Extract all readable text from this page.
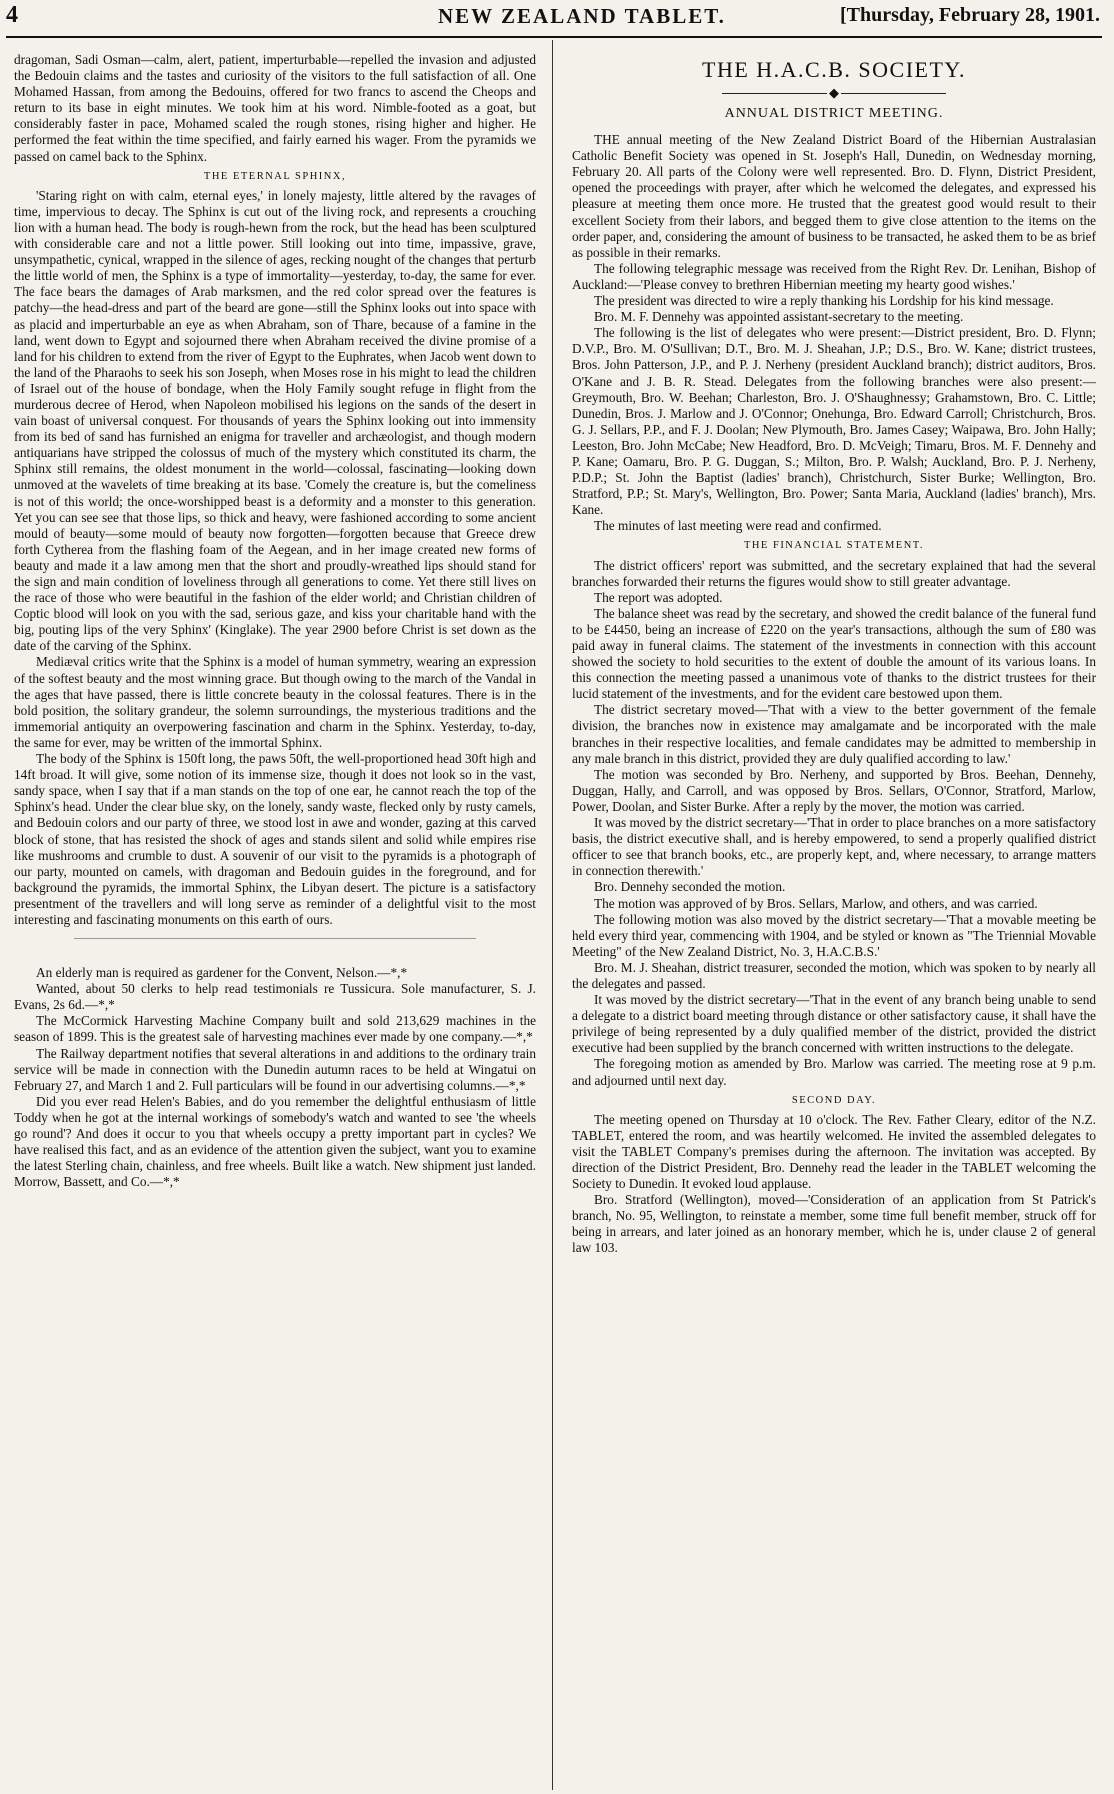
4	NEW ZEALAND TABLET.	[Thursday, February 28, 1901.

dragoman, Sadi Osman—calm, alert, patient, imperturbable—repelled the invasion and adjusted the Bedouin claims and the tastes and curiosity of the visitors to the full satisfaction of all. One Mohamed Hassan, from among the Bedouins, offered for two francs to ascend the Cheops and return to its base in eight minutes. We took him at his word. Nimble-footed as a goat, but considerably faster in pace, Mohamed scaled the rough stones, rising higher and higher. He performed the feat within the time specified, and fairly earned his wager. From the pyramids we passed on camel back to the Sphinx.

THE ETERNAL SPHINX,

'Staring right on with calm, eternal eyes,' in lonely majesty, little altered by the ravages of time, impervious to decay. The Sphinx is cut out of the living rock, and represents a crouching lion with a human head. The body is rough-hewn from the rock, but the head has been sculptured with considerable care and not a little power. Still looking out into time, impassive, grave, unsympathetic, cynical, wrapped in the silence of ages, recking nought of the changes that perturb the little world of men, the Sphinx is a type of immortality—yesterday, to-day, the same for ever. The face bears the damages of Arab marksmen, and the red color spread over the features is patchy—the head-dress and part of the beard are gone—still the Sphinx looks out into space with as placid and imperturbable an eye as when Abraham, son of Thare, because of a famine in the land, went down to Egypt and sojourned there when Abraham received the divine promise of a land for his children to extend from the river of Egypt to the Euphrates, when Jacob went down to the land of the Pharaohs to seek his son Joseph, when Moses rose in his might to lead the children of Israel out of the house of bondage, when the Holy Family sought refuge in flight from the murderous decree of Herod, when Napoleon mobilised his legions on the sands of the desert in vain boast of universal conquest. For thousands of years the Sphinx looking out into immensity from its bed of sand has furnished an enigma for traveller and archæologist, and though modern antiquarians have stripped the colossus of much of the mystery which constituted its charm, the Sphinx still remains, the oldest monument in the world—colossal, fascinating—looking down unmoved at the wavelets of time breaking at its base. 'Comely the creature is, but the comeliness is not of this world; the once-worshipped beast is a deformity and a monster to this generation. Yet you can see see that those lips, so thick and heavy, were fashioned according to some ancient mould of beauty—some mould of beauty now forgotten—forgotten because that Greece drew forth Cytherea from the flashing foam of the Aegean, and in her image created new forms of beauty and made it a law among men that the short and proudly-wreathed lips should stand for the sign and main condition of loveliness through all generations to come. Yet there still lives on the race of those who were beautiful in the fashion of the elder world; and Christian children of Coptic blood will look on you with the sad, serious gaze, and kiss your charitable hand with the big, pouting lips of the very Sphinx' (Kinglake). The year 2900 before Christ is set down as the date of the carving of the Sphinx.

Mediæval critics write that the Sphinx is a model of human symmetry, wearing an expression of the softest beauty and the most winning grace. But though owing to the march of the Vandal in the ages that have passed, there is little concrete beauty in the colossal features. There is in the bold position, the solitary grandeur, the solemn surroundings, the mysterious traditions and the immemorial antiquity an overpowering fascination and charm in the Sphinx. Yesterday, to-day, the same for ever, may be written of the immortal Sphinx.

The body of the Sphinx is 150ft long, the paws 50ft, the well-proportioned head 30ft high and 14ft broad. It will give, some notion of its immense size, though it does not look so in the vast, sandy space, when I say that if a man stands on the top of one ear, he cannot reach the top of the Sphinx's head. Under the clear blue sky, on the lonely, sandy waste, flecked only by rusty camels, and Bedouin colors and our party of three, we stood lost in awe and wonder, gazing at this carved block of stone, that has resisted the shock of ages and stands silent and solid while empires rise like mushrooms and crumble to dust. A souvenir of our visit to the pyramids is a photograph of our party, mounted on camels, with dragoman and Bedouin guides in the foreground, and for background the pyramids, the immortal Sphinx, the Libyan desert. The picture is a satisfactory presentment of the travellers and will long serve as reminder of a delightful visit to the most interesting and fascinating monuments on this earth of ours.

An elderly man is required as gardener for the Convent, Nelson.—*,*

Wanted, about 50 clerks to help read testimonials re Tussicura. Sole manufacturer, S. J. Evans, 2s 6d.—*,*

The McCormick Harvesting Machine Company built and sold 213,629 machines in the season of 1899. This is the greatest sale of harvesting machines ever made by one company.—*,*

The Railway department notifies that several alterations in and additions to the ordinary train service will be made in connection with the Dunedin autumn races to be held at Wingatui on February 27, and March 1 and 2. Full particulars will be found in our advertising columns.—*,*

Did you ever read Helen's Babies, and do you remember the delightful enthusiasm of little Toddy when he got at the internal workings of somebody's watch and wanted to see 'the wheels go round'? And does it occur to you that wheels occupy a pretty important part in cycles? We have realised this fact, and as an evidence of the attention given the subject, want you to examine the latest Sterling chain, chainless, and free wheels. Built like a watch. New shipment just landed. Morrow, Bassett, and Co.—*,*

THE H.A.C.B. SOCIETY.
◆
ANNUAL DISTRICT MEETING.

THE annual meeting of the New Zealand District Board of the Hibernian Australasian Catholic Benefit Society was opened in St. Joseph's Hall, Dunedin, on Wednesday morning, February 20. All parts of the Colony were well represented. Bro. D. Flynn, District President, opened the proceedings with prayer, after which he welcomed the delegates, and expressed his pleasure at meeting them once more. He trusted that the greatest good would result to their excellent Society from their labors, and begged them to give close attention to the items on the order paper, and, considering the amount of business to be transacted, he asked them to be as brief as possible in their remarks.

The following telegraphic message was received from the Right Rev. Dr. Lenihan, Bishop of Auckland:—'Please convey to brethren Hibernian meeting my hearty good wishes.'

The president was directed to wire a reply thanking his Lordship for his kind message.

Bro. M. F. Dennehy was appointed assistant-secretary to the meeting.

The following is the list of delegates who were present:—District president, Bro. D. Flynn; D.V.P., Bro. M. O'Sullivan; D.T., Bro. M. J. Sheahan, J.P.; D.S., Bro. W. Kane; district trustees, Bros. John Patterson, J.P., and P. J. Nerheny (president Auckland branch); district auditors, Bros. O'Kane and J. B. R. Stead. Delegates from the following branches were also present:—Greymouth, Bro. W. Beehan; Charleston, Bro. J. O'Shaughnessy; Grahamstown, Bro. C. Little; Dunedin, Bros. J. Marlow and J. O'Connor; Onehunga, Bro. Edward Carroll; Christchurch, Bros. G. J. Sellars, P.P., and F. J. Doolan; New Plymouth, Bro. James Casey; Waipawa, Bro. John Hally; Leeston, Bro. John McCabe; New Headford, Bro. D. McVeigh; Timaru, Bros. M. F. Dennehy and P. Kane; Oamaru, Bro. P. G. Duggan, S.; Milton, Bro. P. Walsh; Auckland, Bro. P. J. Nerheny, P.D.P.; St. John the Baptist (ladies' branch), Christchurch, Sister Burke; Wellington, Bro. Stratford, P.P.; St. Mary's, Wellington, Bro. Power; Santa Maria, Auckland (ladies' branch), Mrs. Kane.

The minutes of last meeting were read and confirmed.

THE FINANCIAL STATEMENT.

The district officers' report was submitted, and the secretary explained that had the several branches forwarded their returns the figures would show to still greater advantage.

The report was adopted.

The balance sheet was read by the secretary, and showed the credit balance of the funeral fund to be £4450, being an increase of £220 on the year's transactions, although the sum of £80 was paid away in funeral claims. The statement of the investments in connection with this account showed the society to hold securities to the extent of double the amount of its various loans. In this connection the meeting passed a unanimous vote of thanks to the district trustees for their lucid statement of the investments, and for the evident care bestowed upon them.

The district secretary moved—'That with a view to the better government of the female division, the branches now in existence may amalgamate and be incorporated with the male branches in their respective localities, and female candidates may be admitted to membership in any male branch in this district, provided they are duly qualified according to law.'

The motion was seconded by Bro. Nerheny, and supported by Bros. Beehan, Dennehy, Duggan, Hally, and Carroll, and was opposed by Bros. Sellars, O'Connor, Stratford, Marlow, Power, Doolan, and Sister Burke. After a reply by the mover, the motion was carried.

It was moved by the district secretary—'That in order to place branches on a more satisfactory basis, the district executive shall, and is hereby empowered, to send a properly qualified district officer to see that branch books, etc., are properly kept, and, where necessary, to arrange matters in connection therewith.'

Bro. Dennehy seconded the motion.

The motion was approved of by Bros. Sellars, Marlow, and others, and was carried.

The following motion was also moved by the district secretary—'That a movable meeting be held every third year, commencing with 1904, and be styled or known as "The Triennial Movable Meeting" of the New Zealand District, No. 3, H.A.C.B.S.'

Bro. M. J. Sheahan, district treasurer, seconded the motion, which was spoken to by nearly all the delegates and passed.

It was moved by the district secretary—'That in the event of any branch being unable to send a delegate to a district board meeting through distance or other satisfactory cause, it shall have the privilege of being represented by a duly qualified member of the district, provided the district executive had been supplied by the branch concerned with written instructions to the delegate.

The foregoing motion as amended by Bro. Marlow was carried. The meeting rose at 9 p.m. and adjourned until next day.

SECOND DAY.

The meeting opened on Thursday at 10 o'clock. The Rev. Father Cleary, editor of the N.Z. TABLET, entered the room, and was heartily welcomed. He invited the assembled delegates to visit the TABLET Company's premises during the afternoon. The invitation was accepted. By direction of the District President, Bro. Dennehy read the leader in the TABLET welcoming the Society to Dunedin. It evoked loud applause.

Bro. Stratford (Wellington), moved—'Consideration of an application from St Patrick's branch, No. 95, Wellington, to reinstate a member, some time full benefit member, struck off for being in arrears, and later joined as an honorary member, which he is, under clause 2 of general law 103.
